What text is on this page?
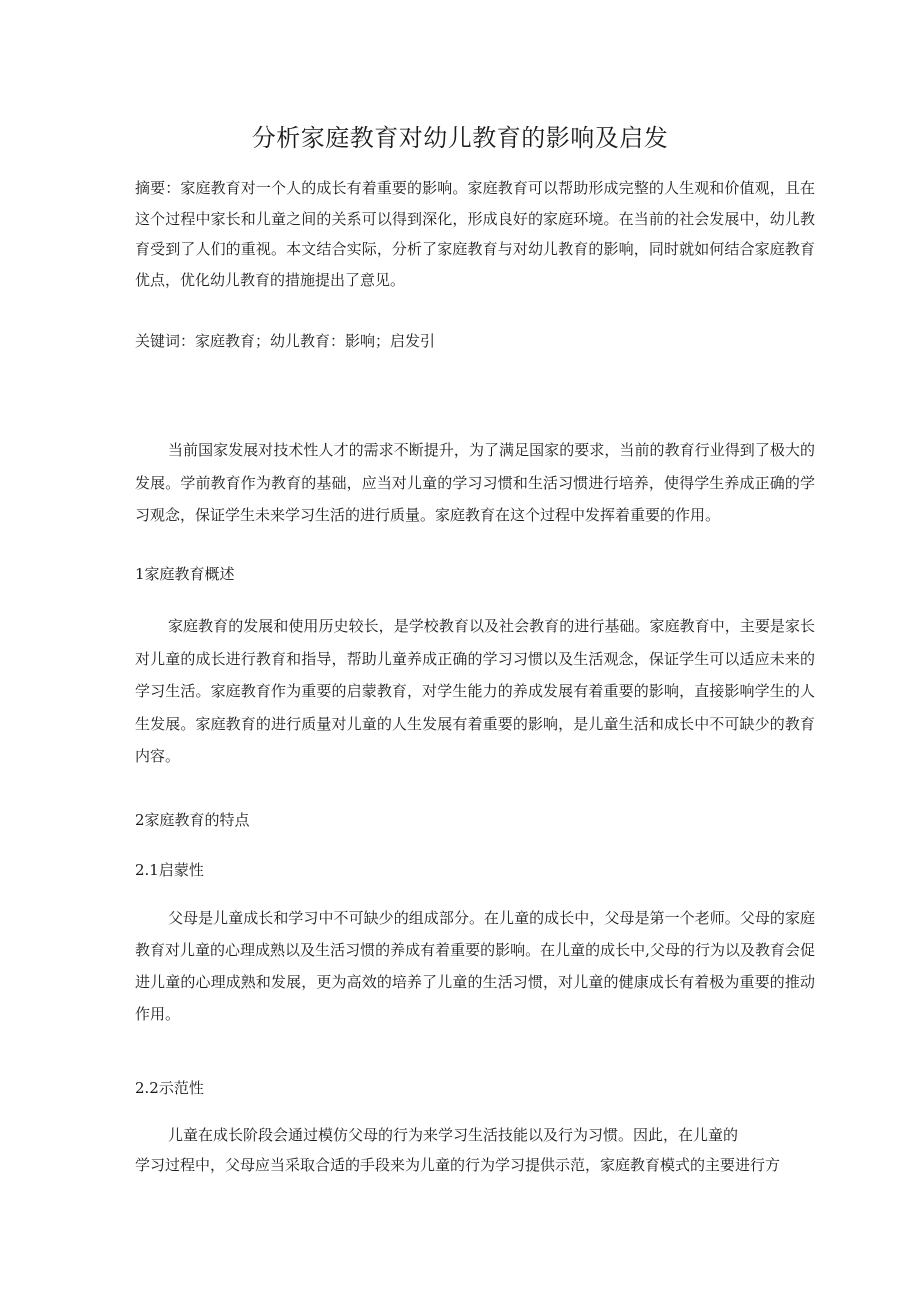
分析家庭教育对幼儿教育的影响及启发

摘要：家庭教育对一个人的成长有着重要的影响。家庭教育可以帮助形成完整的人生观和价值观，且在这个过程中家长和儿童之间的关系可以得到深化，形成良好的家庭环境。在当前的社会发展中，幼儿教育受到了人们的重视。本文结合实际，分析了家庭教育与对幼儿教育的影响，同时就如何结合家庭教育优点，优化幼儿教育的措施提出了意见。

关键词：家庭教育；幼儿教育：影响；启发引

当前国家发展对技术性人才的需求不断提升，为了满足国家的要求，当前的教育行业得到了极大的发展。学前教育作为教育的基础，应当对儿童的学习习惯和生活习惯进行培养，使得学生养成正确的学习观念，保证学生未来学习生活的进行质量。家庭教育在这个过程中发挥着重要的作用。

1家庭教育概述

家庭教育的发展和使用历史较长，是学校教育以及社会教育的进行基础。家庭教育中，主要是家长对儿童的成长进行教育和指导，帮助儿童养成正确的学习习惯以及生活观念，保证学生可以适应未来的学习生活。家庭教育作为重要的启蒙教育，对学生能力的养成发展有着重要的影响，直接影响学生的人生发展。家庭教育的进行质量对儿童的人生发展有着重要的影响，是儿童生活和成长中不可缺少的教育内容。

2家庭教育的特点

2.1启蒙性

父母是儿童成长和学习中不可缺少的组成部分。在儿童的成长中，父母是第一个老师。父母的家庭教育对儿童的心理成熟以及生活习惯的养成有着重要的影响。在儿童的成长中,父母的行为以及教育会促进儿童的心理成熟和发展，更为高效的培养了儿童的生活习惯，对儿童的健康成长有着极为重要的推动作用。

2.2示范性

儿童在成长阶段会通过模仿父母的行为来学习生活技能以及行为习惯。因此，在儿童的

学习过程中，父母应当采取合适的手段来为儿童的行为学习提供示范，家庭教育模式的主要进行方
